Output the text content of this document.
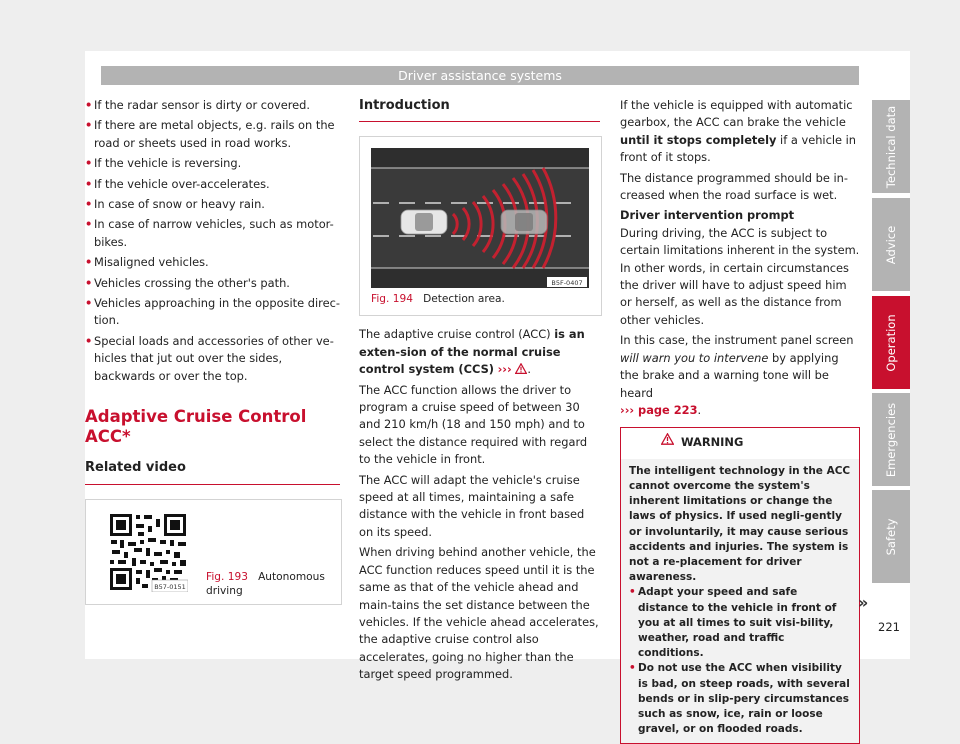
Driver assistance systems
• If the radar sensor is dirty or covered.
• If there are metal objects, e.g. rails on the road or sheets used in road works.
• If the vehicle is reversing.
• If the vehicle over-accelerates.
• In case of snow or heavy rain.
• In case of narrow vehicles, such as motor-bikes.
• Misaligned vehicles.
• Vehicles crossing the other's path.
• Vehicles approaching in the opposite direc-tion.
• Special loads and accessories of other ve-hicles that jut out over the sides, backwards or over the top.
Adaptive Cruise Control ACC*
Related video
B57-0151
Fig. 193 Autonomous driving
Introduction
B5F-0407
Fig. 194 Detection area.

The adaptive cruise control (ACC) is an exten-sion of the normal cruise control system (CCS) ››› .

The ACC function allows the driver to program a cruise speed of between 30 and 210 km/h (18 and 150 mph) and to select the distance required with regard to the vehicle in front.

The ACC will adapt the vehicle's cruise speed at all times, maintaining a safe distance with the vehicle in front based on its speed.

When driving behind another vehicle, the ACC function reduces speed until it is the same as that of the vehicle ahead and main-tains the set distance between the vehicles. If the vehicle ahead accelerates, the adaptive cruise control also accelerates, going no higher than the target speed programmed.

If the vehicle is equipped with automatic gearbox, the ACC can brake the vehicle until it stops completely if a vehicle in front of it stops.

The distance programmed should be in-creased when the road surface is wet.

Driver intervention prompt

During driving, the ACC is subject to certain limitations inherent in the system. In other words, in certain circumstances the driver will have to adjust speed him or herself, as well as the distance from other vehicles.

In this case, the instrument panel screen will warn you to intervene by applying the brake and a warning tone will be heard
››› page 223.

WARNING
The intelligent technology in the ACC cannot overcome the system's inherent limitations or change the laws of physics. If used negli-gently or involuntarily, it may cause serious accidents and injuries. The system is not a re-placement for driver awareness.
• Adapt your speed and safe distance to the vehicle in front of you at all times to suit visi-bility, weather, road and traffic conditions.
• Do not use the ACC when visibility is bad, on steep roads, with several bends or in slip-pery circumstances such as snow, ice, rain or loose gravel, or on flooded roads.
»
Technical data
Advice
Operation
Emergencies
Safety
221
